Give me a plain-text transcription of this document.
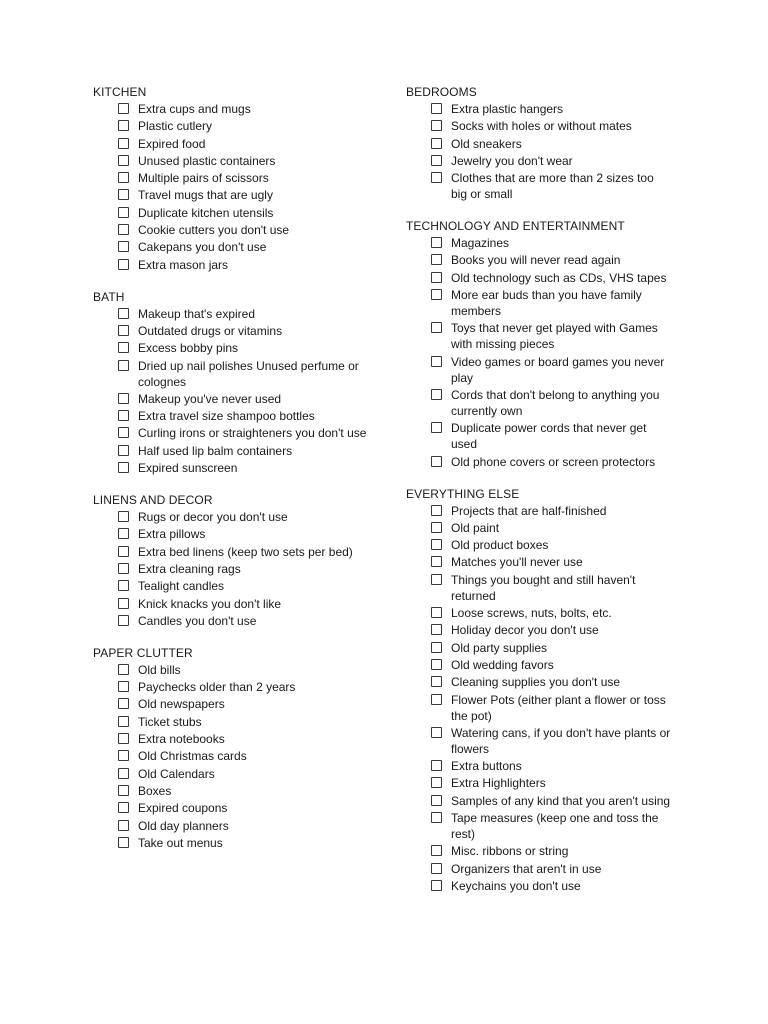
KITCHEN
Extra cups and mugs
Plastic cutlery
Expired food
Unused plastic containers
Multiple pairs of scissors
Travel mugs that are ugly
Duplicate kitchen utensils
Cookie cutters you don't use
Cakepans you don't use
Extra mason jars
BATH
Makeup that's expired
Outdated drugs or vitamins
Excess bobby pins
Dried up nail polishes Unused perfume or colognes
Makeup you've never used
Extra travel size shampoo bottles
Curling irons or straighteners you don't use
Half used lip balm containers
Expired sunscreen
LINENS AND DECOR
Rugs or decor you don't use
Extra pillows
Extra bed linens (keep two sets per bed)
Extra cleaning rags
Tealight candles
Knick knacks you don't like
Candles you don't use
PAPER CLUTTER
Old bills
Paychecks older than 2 years
Old newspapers
Ticket stubs
Extra notebooks
Old Christmas cards
Old Calendars
Boxes
Expired coupons
Old day planners
Take out menus
BEDROOMS
Extra plastic hangers
Socks with holes or without mates
Old sneakers
Jewelry you don't wear
Clothes that are more than 2 sizes too big or small
TECHNOLOGY AND ENTERTAINMENT
Magazines
Books you will never read again
Old technology such as CDs, VHS tapes
More ear buds than you have family members
Toys that never get played with Games with missing pieces
Video games or board games you never play
Cords that don't belong to anything you currently own
Duplicate power cords that never get used
Old phone covers or screen protectors
EVERYTHING ELSE
Projects that are half-finished
Old paint
Old product boxes
Matches you'll never use
Things you bought and still haven't returned
Loose screws, nuts, bolts, etc.
Holiday decor you don't use
Old party supplies
Old wedding favors
Cleaning supplies you don't use
Flower Pots (either plant a flower or toss the pot)
Watering cans, if you don't have plants or flowers
Extra buttons
Extra Highlighters
Samples of any kind that you aren't using
Tape measures (keep one and toss the rest)
Misc. ribbons or string
Organizers that aren't in use
Keychains you don't use
